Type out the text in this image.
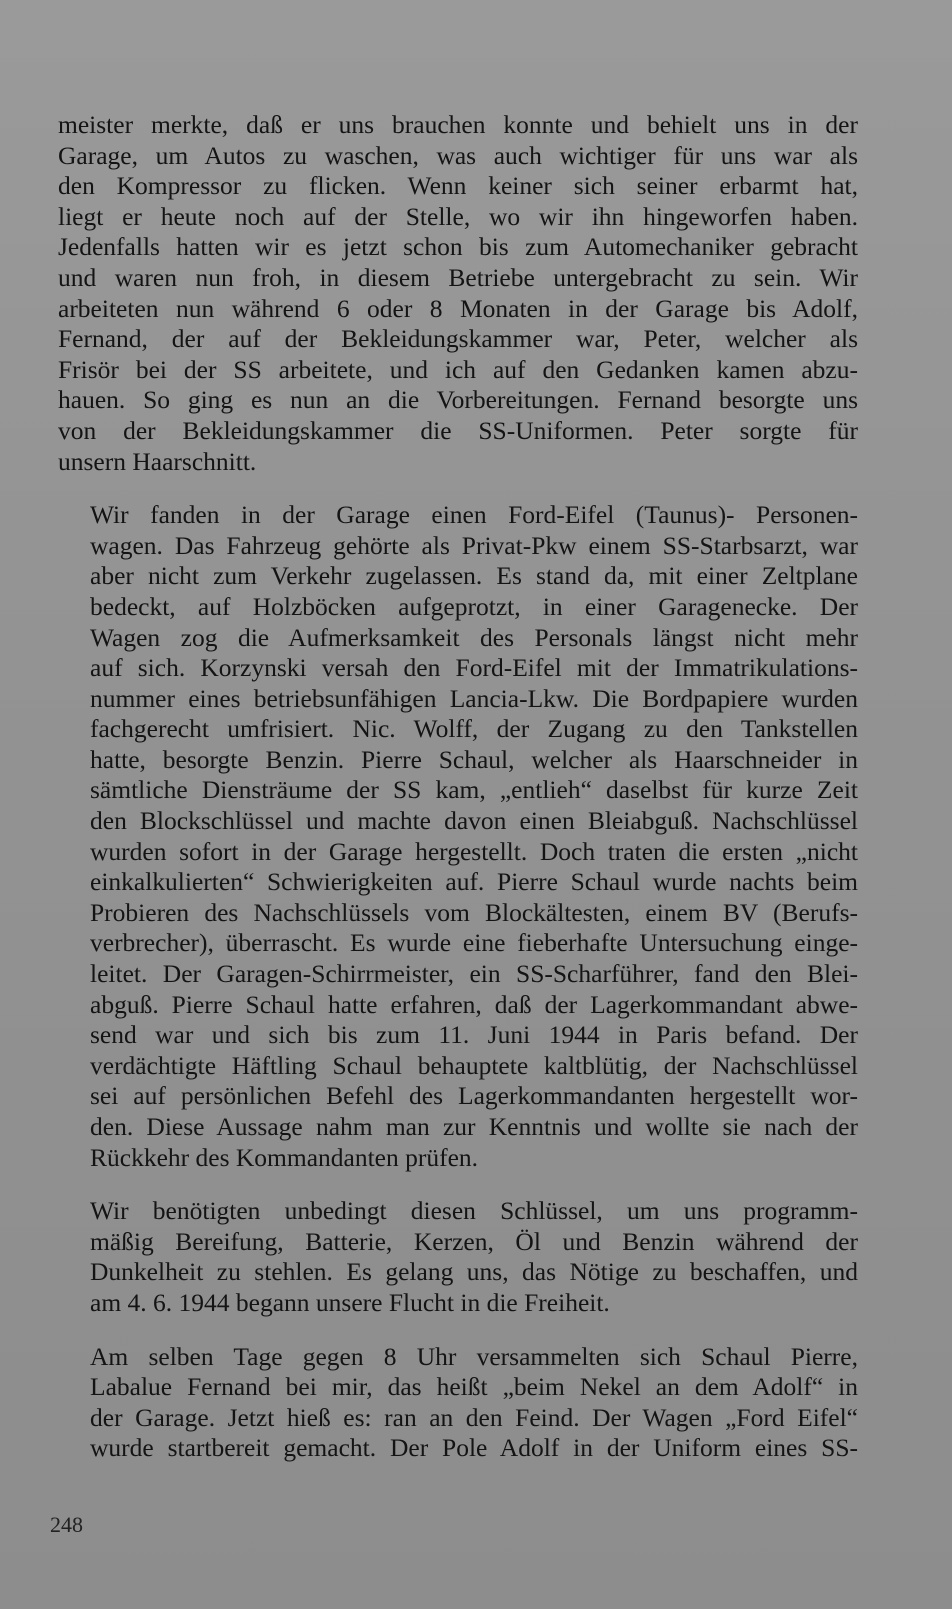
meister merkte, daß er uns brauchen konnte und behielt uns in der
Garage, um Autos zu waschen, was auch wichtiger für uns war als
den Kompressor zu flicken. Wenn keiner sich seiner erbarmt hat,
liegt er heute noch auf der Stelle, wo wir ihn hingeworfen haben.
Jedenfalls hatten wir es jetzt schon bis zum Automechaniker gebracht
und waren nun froh, in diesem Betriebe untergebracht zu sein. Wir
arbeiteten nun während 6 oder 8 Monaten in der Garage bis Adolf,
Fernand, der auf der Bekleidungskammer war, Peter, welcher als
Frisör bei der SS arbeitete, und ich auf den Gedanken kamen abzu-
hauen. So ging es nun an die Vorbereitungen. Fernand besorgte uns
von der Bekleidungskammer die SS-Uniformen. Peter sorgte für
unsern Haarschnitt.

Wir fanden in der Garage einen Ford-Eifel (Taunus)- Personen-
wagen. Das Fahrzeug gehörte als Privat-Pkw einem SS-Starbsarzt, war
aber nicht zum Verkehr zugelassen. Es stand da, mit einer Zeltplane
bedeckt, auf Holzböcken aufgeprotzt, in einer Garagenecke. Der
Wagen zog die Aufmerksamkeit des Personals längst nicht mehr
auf sich. Korzynski versah den Ford-Eifel mit der Immatrikulations-
nummer eines betriebsunfähigen Lancia-Lkw. Die Bordpapiere wurden
fachgerecht umfrisiert. Nic. Wolff, der Zugang zu den Tankstellen
hatte, besorgte Benzin. Pierre Schaul, welcher als Haarschneider in
sämtliche Diensträume der SS kam, „entlieh“ daselbst für kurze Zeit
den Blockschlüssel und machte davon einen Bleiabguß. Nachschlüssel
wurden sofort in der Garage hergestellt. Doch traten die ersten „nicht
einkalkulierten“ Schwierigkeiten auf. Pierre Schaul wurde nachts beim
Probieren des Nachschlüssels vom Blockältesten, einem BV (Berufs-
verbrecher), überrascht. Es wurde eine fieberhafte Untersuchung einge-
leitet. Der Garagen-Schirrmeister, ein SS-Scharführer, fand den Blei-
abguß. Pierre Schaul hatte erfahren, daß der Lagerkommandant abwe-
send war und sich bis zum 11. Juni 1944 in Paris befand. Der
verdächtigte Häftling Schaul behauptete kaltblütig, der Nachschlüssel
sei auf persönlichen Befehl des Lagerkommandanten hergestellt wor-
den. Diese Aussage nahm man zur Kenntnis und wollte sie nach der
Rückkehr des Kommandanten prüfen.

Wir benötigten unbedingt diesen Schlüssel, um uns programm-
mäßig Bereifung, Batterie, Kerzen, Öl und Benzin während der
Dunkelheit zu stehlen. Es gelang uns, das Nötige zu beschaffen, und
am 4. 6. 1944 begann unsere Flucht in die Freiheit.

Am selben Tage gegen 8 Uhr versammelten sich Schaul Pierre,
Labalue Fernand bei mir, das heißt „beim Nekel an dem Adolf“ in
der Garage. Jetzt hieß es: ran an den Feind. Der Wagen „Ford Eifel“
wurde startbereit gemacht. Der Pole Adolf in der Uniform eines SS-

248
